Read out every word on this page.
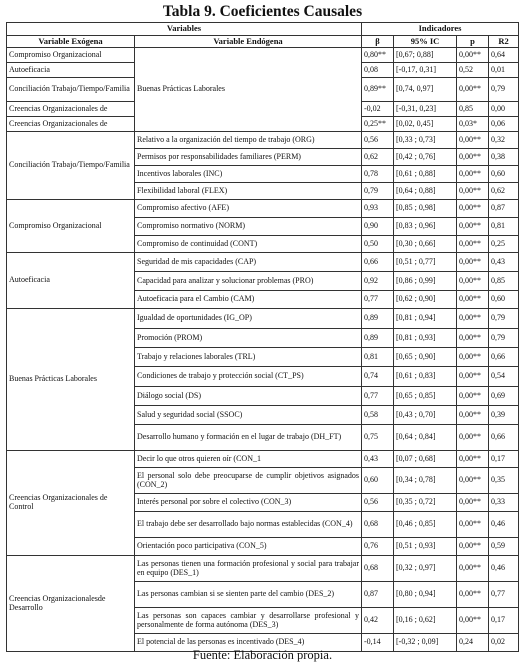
Tabla 9. Coeficientes Causales
Variables		Indicadores			
Variable Exógena	Variable Endógena	β	95% IC	p	R2
Compromiso Organizacional	Buenas Prácticas Laborales	0,80**	[0,67; 0,88]	0,00**	0,64
Autoeficacia		0,08	[-0,17, 0,31]	0,52	0,01
Conciliación Trabajo/Tiempo/Familia		0,89**	[0,74, 0,97]	0,00**	0,79
Creencias Organizacionales de		-0,02	[-0,31, 0,23]	0,85	0,00
Creencias Organizacionales de		0,25**	[0,02, 0,45]	0,03*	0,06
Conciliación Trabajo/Tiempo/Familia	Relativo a la organización del tiempo de trabajo (ORG)	0,56	[0,33 ; 0,73]	0,00**	0,32
	Permisos por responsabilidades familiares (PERM)	0,62	[0,42 ; 0,76]	0,00**	0,38
	Incentivos laborales (INC)	0,78	[0,61 ; 0,88]	0,00**	0,60
	Flexibilidad laboral (FLEX)	0,79	[0,64 ; 0,88]	0,00**	0,62
Compromiso Organizacional	Compromiso afectivo (AFE)	0,93	[0,85 ; 0,98]	0,00**	0,87
	Compromiso normativo (NORM)	0,90	[0,83 ; 0,96]	0,00**	0,81
	Compromiso de continuidad (CONT)	0,50	[0,30 ; 0,66]	0,00**	0,25
Autoeficacia	Seguridad de mis capacidades (CAP)	0,66	[0,51 ; 0,77]	0,00**	0,43
	Capacidad para analizar y solucionar problemas (PRO)	0,92	[0,86 ; 0,99]	0,00**	0,85
	Autoeficacia para el Cambio (CAM)	0,77	[0,62 ; 0,90]	0,00**	0,60
Buenas Prácticas Laborales	Igualdad de oportunidades (IG_OP)	0,89	[0,81 ; 0,94]	0,00**	0,79
	Promoción (PROM)	0,89	[0,81 ; 0,93]	0,00**	0,79
	Trabajo y relaciones laborales (TRL)	0,81	[0,65 ; 0,90]	0,00**	0,66
	Condiciones de trabajo y protección social (CT_PS)	0,74	[0,61 ; 0,83]	0,00**	0,54
	Diálogo social (DS)	0,77	[0,65 ; 0,85]	0,00**	0,69
	Salud y seguridad social (SSOC)	0,58	[0,43 ; 0,70]	0,00**	0,39
	Desarrollo humano y formación en el lugar de trabajo (DH_FT)	0,75	[0,64 ; 0,84]	0,00**	0,66
Creencias Organizacionales de Control	Decir lo que otros quieren oír (CON_1	0,43	[0,07 ; 0,68]	0,00**	0,17
	El personal solo debe preocuparse de cumplir objetivos asignados (CON_2)	0,60	[0,34 ; 0,78]	0,00**	0,35
	Interés personal por sobre el colectivo (CON_3)	0,56	[0,35 ; 0,72]	0,00**	0,33
	El trabajo debe ser desarrollado bajo normas establecidas (CON_4)	0,68	[0,46 ; 0,85]	0,00**	0,46
	Orientación poco participativa (CON_5)	0,76	[0,51 ; 0,93]	0,00**	0,59
Creencias Organizacionalesde Desarrollo	Las personas tienen una formación profesional y social para trabajar en equipo (DES_1)	0,68	[0,32 ; 0,97]	0,00**	0,46
	Las personas cambian si se sienten parte del cambio (DES_2)	0,87	[0,80 ; 0,94]	0,00**	0,77
	Las personas son capaces cambiar y desarrollarse profesional y personalmente de forma autónoma (DES_3)	0,42	[0,16 ; 0,62]	0,00**	0,17
	El potencial de las personas es incentivado (DES_4)	-0,14	[-0,32 ; 0,09]	0,24	0,02
Fuente: Elaboración propia.
